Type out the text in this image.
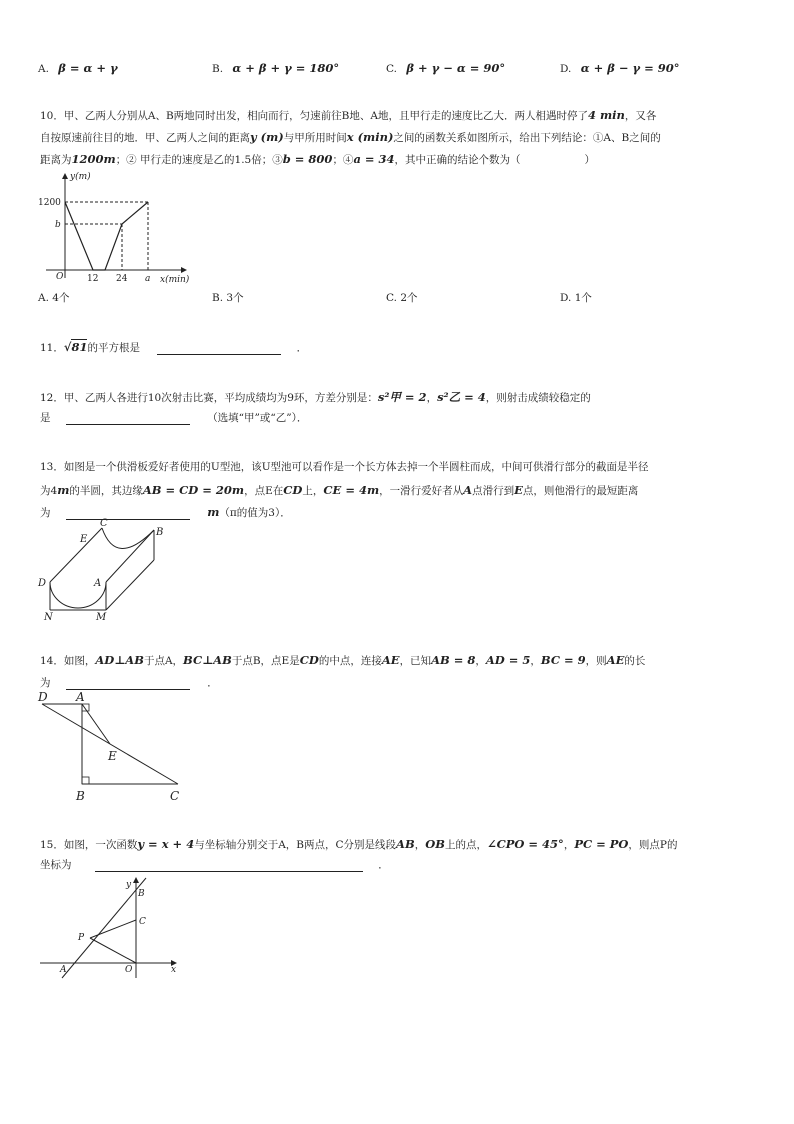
A. β = α + γ	B. α + β + γ = 180°	C. β + γ − α = 90°	D. α + β − γ = 90°
10．甲、乙两人分别从A、B两地同时出发，相向而行，匀速前往B地、A地，且甲行走的速度比乙大．两人相遇时停了4 min，又各
自按原速前往目的地．甲、乙两人之间的距离y (m)与甲所用时间x (min)之间的函数关系如图所示，给出下列结论：①A、B之间的
距离为1200m；② 甲行走的速度是乙的1.5倍；③b = 800；④a = 34，其中正确的结论个数为（	）
y(m)
1200
b
O	12 24 a x(min)
A. 4个	B. 3个	C. 2个	D. 1个
11．√81的平方根是	．
12．甲、乙两人各进行10次射击比赛，平均成绩均为9环，方差分别是：s²甲 = 2，s²乙 = 4，则射击成绩较稳定的
是	（选填“甲”或“乙”）．
13．如图是一个供滑板爱好者使用的U型池，该U型池可以看作是一个长方体去掉一个半圆柱而成，中间可供滑行部分的截面是半径
为4m的半圆，其边缘AB = CD = 20m，点E在CD上，CE = 4m，一滑行爱好者从A点滑行到E点，则他滑行的最短距离
为	m（π的值为3）．
C
E
B
D	A
N	M
14．如图，AD⊥AB于点A，BC⊥AB于点B，点E是CD的中点，连接AE，已知AB = 8，AD = 5，BC = 9，则AE的长
为	．
D A
E
B	C
15．如图，一次函数y = x + 4与坐标轴分别交于A，B两点，C分别是线段AB，OB上的点，∠CPO = 45°，PC = PO，则点P的
坐标为	．
y
B
C
P
A	O	x
